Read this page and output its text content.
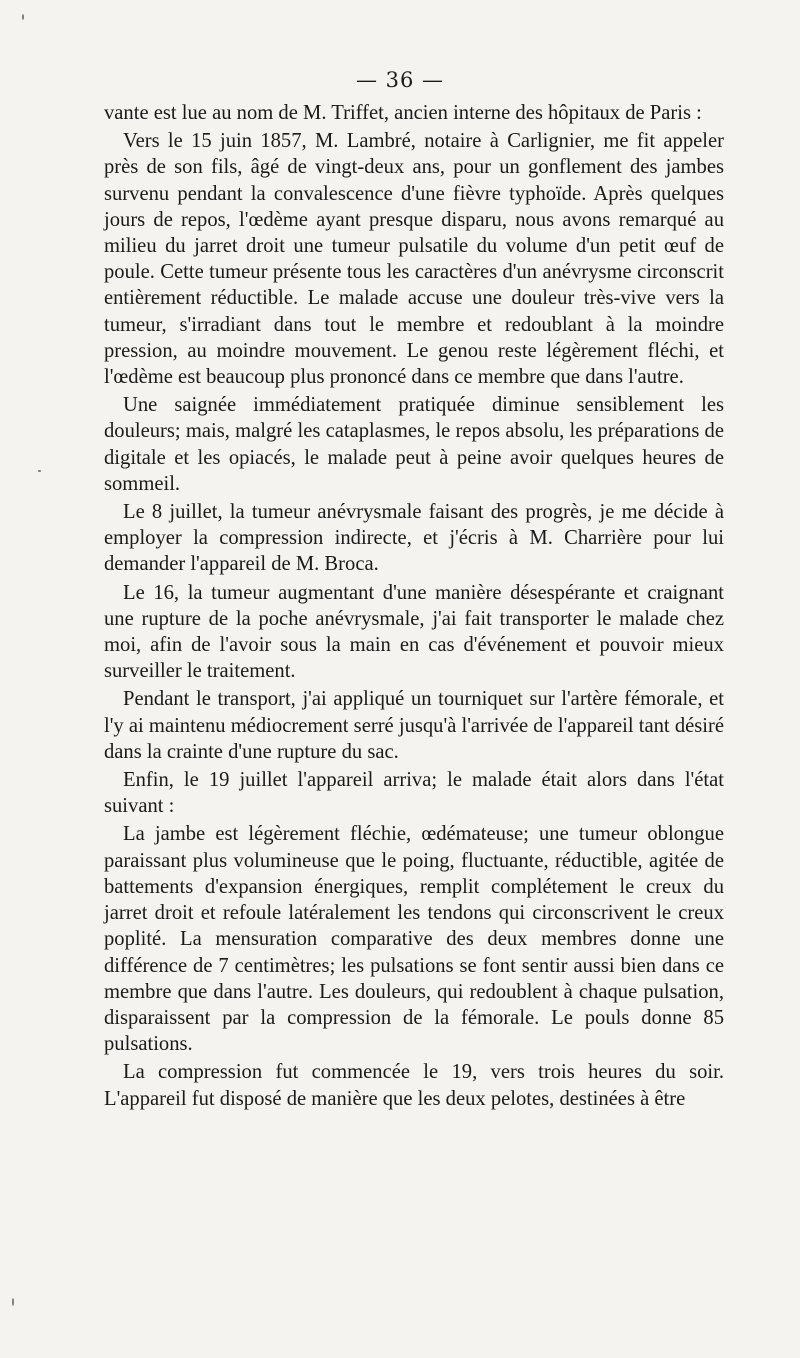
— 36 —

vante est lue au nom de M. Triffet, ancien interne des hôpitaux de Paris :

Vers le 15 juin 1857, M. Lambré, notaire à Carlignier, me fit appeler près de son fils, âgé de vingt-deux ans, pour un gonflement des jambes survenu pendant la convalescence d'une fièvre typhoïde. Après quelques jours de repos, l'œdème ayant presque disparu, nous avons remarqué au milieu du jarret droit une tumeur pulsatile du volume d'un petit œuf de poule. Cette tumeur présente tous les caractères d'un anévrysme circonscrit entièrement réductible. Le malade accuse une douleur très-vive vers la tumeur, s'irradiant dans tout le membre et redoublant à la moindre pression, au moindre mouvement. Le genou reste légèrement fléchi, et l'œdème est beaucoup plus prononcé dans ce membre que dans l'autre.

Une saignée immédiatement pratiquée diminue sensiblement les douleurs; mais, malgré les cataplasmes, le repos absolu, les préparations de digitale et les opiacés, le malade peut à peine avoir quelques heures de sommeil.

Le 8 juillet, la tumeur anévrysmale faisant des progrès, je me décide à employer la compression indirecte, et j'écris à M. Charrière pour lui demander l'appareil de M. Broca.

Le 16, la tumeur augmentant d'une manière désespérante et craignant une rupture de la poche anévrysmale, j'ai fait transporter le malade chez moi, afin de l'avoir sous la main en cas d'événement et pouvoir mieux surveiller le traitement.

Pendant le transport, j'ai appliqué un tourniquet sur l'artère fémorale, et l'y ai maintenu médiocrement serré jusqu'à l'arrivée de l'appareil tant désiré dans la crainte d'une rupture du sac.

Enfin, le 19 juillet l'appareil arriva; le malade était alors dans l'état suivant :

La jambe est légèrement fléchie, œdémateuse; une tumeur oblongue paraissant plus volumineuse que le poing, fluctuante, réductible, agitée de battements d'expansion énergiques, remplit complétement le creux du jarret droit et refoule latéralement les tendons qui circonscrivent le creux poplité. La mensuration comparative des deux membres donne une différence de 7 centimètres; les pulsations se font sentir aussi bien dans ce membre que dans l'autre. Les douleurs, qui redoublent à chaque pulsation, disparaissent par la compression de la fémorale. Le pouls donne 85 pulsations.

La compression fut commencée le 19, vers trois heures du soir. L'appareil fut disposé de manière que les deux pelotes, destinées à être
